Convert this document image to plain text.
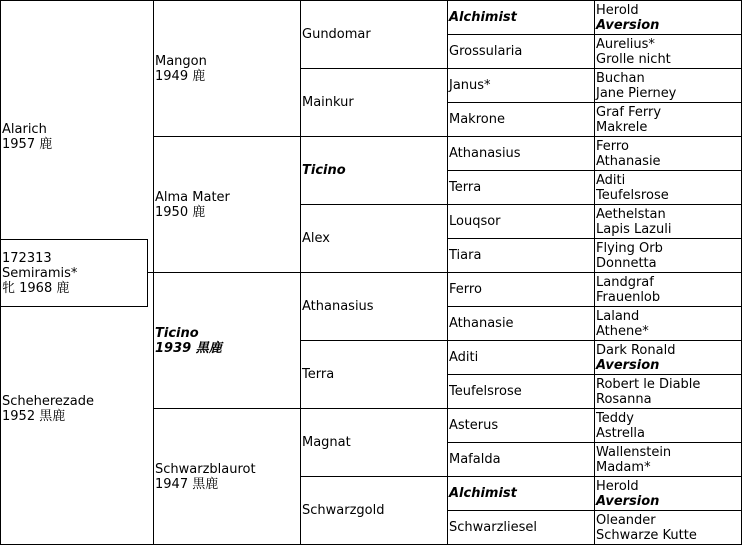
Alarich
1957 鹿
Scheherezade
1952 黒鹿
172313
Semiramis*
牝 1968 鹿
Mangon
1949 鹿
Alma Mater
1950 鹿
Ticino
1939 黒鹿
Schwarzblaurot
1947 黒鹿
Gundomar
Mainkur
Ticino
Alex
Athanasius
Terra
Magnat
Schwarzgold
Alchimist
Grossularia
Janus*
Makrone
Athanasius
Terra
Louqsor
Tiara
Ferro
Athanasie
Aditi
Teufelsrose
Asterus
Mafalda
Alchimist
Schwarzliesel
Herold
Aversion
Aurelius*
Grolle nicht
Buchan
Jane Pierney
Graf Ferry
Makrele
Ferro
Athanasie
Aditi
Teufelsrose
Aethelstan
Lapis Lazuli
Flying Orb
Donnetta
Landgraf
Frauenlob
Laland
Athene*
Dark Ronald
Aversion
Robert le Diable
Rosanna
Teddy
Astrella
Wallenstein
Madam*
Herold
Aversion
Oleander
Schwarze Kutte
